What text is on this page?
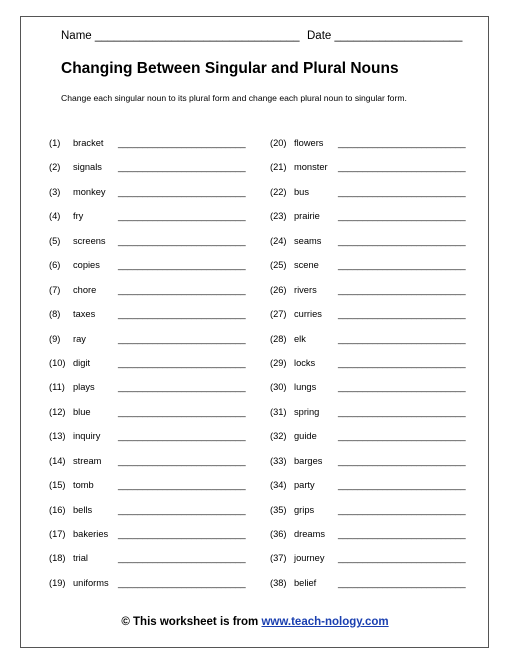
Name ________________________________ Date ____________________
Changing Between Singular and Plural Nouns
Change each singular noun to its plural form and change each plural noun to singular form.
(1) bracket __________________________
(2) signals __________________________
(3) monkey __________________________
(4) fry	__________________________
(5) screens __________________________
(6) copies __________________________
(7) chore __________________________
(8) taxes	__________________________
(9) ray	__________________________
(10) digit	__________________________
(11) plays	__________________________
(12) blue	__________________________
(13) inquiry __________________________
(14) stream __________________________
(15) tomb	__________________________
(16) bells	__________________________
(17) bakeries __________________________
(18) trial	__________________________
(19) uniforms __________________________
(20) flowers __________________________
(21) monster __________________________
(22) bus	__________________________
(23) prairie __________________________
(24) seams __________________________
(25) scene __________________________
(26) rivers __________________________
(27) curries __________________________
(28) elk	__________________________
(29) locks	__________________________
(30) lungs __________________________
(31) spring __________________________
(32) guide __________________________
(33) barges __________________________
(34) party	__________________________
(35) grips	__________________________
(36) dreams __________________________
(37) journey __________________________
(38) belief __________________________
© This worksheet is from www.teach-nology.com
